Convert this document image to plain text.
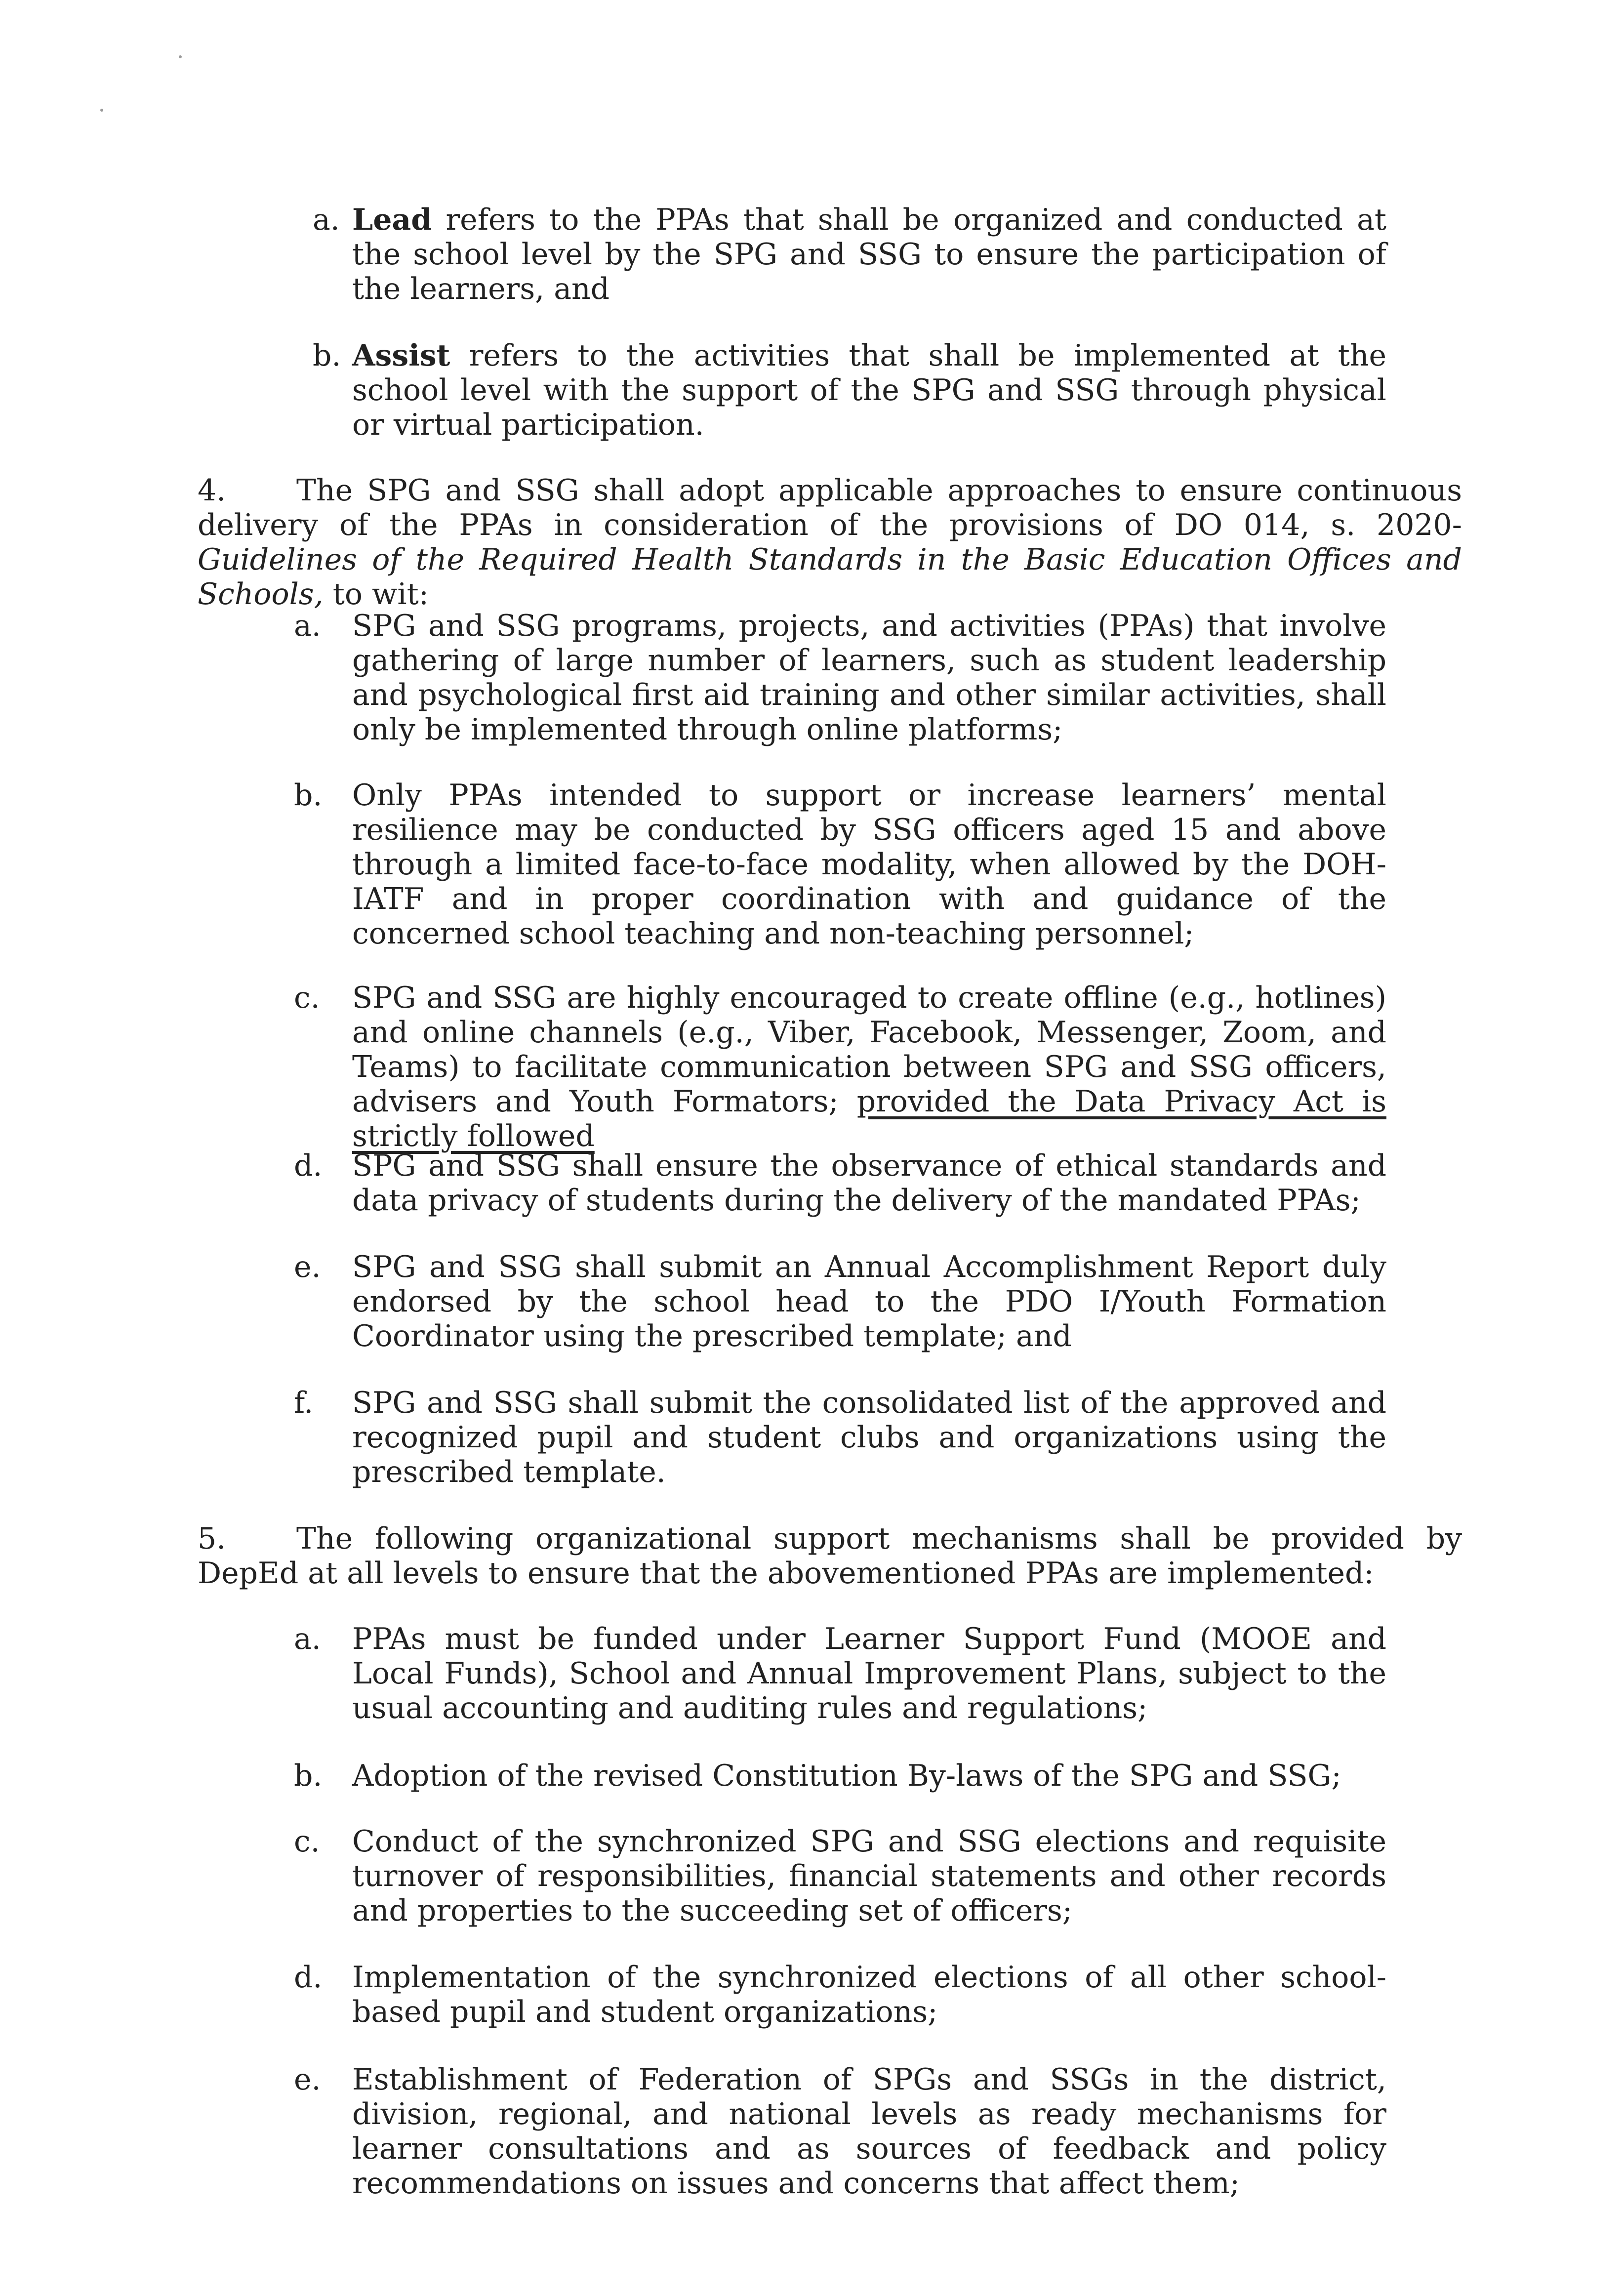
a. Lead refers to the PPAs that shall be organized and conducted at the school level by the SPG and SSG to ensure the participation of the learners, and
b. Assist refers to the activities that shall be implemented at the school level with the support of the SPG and SSG through physical or virtual participation.
4. The SPG and SSG shall adopt applicable approaches to ensure continuous delivery of the PPAs in consideration of the provisions of DO 014, s. 2020-Guidelines of the Required Health Standards in the Basic Education Offices and Schools, to wit:
a.	SPG and SSG programs, projects, and activities (PPAs) that involve gathering of large number of learners, such as student leadership and psychological first aid training and other similar activities, shall only be implemented through online platforms;
b.	Only PPAs intended to support or increase learners’ mental resilience may be conducted by SSG officers aged 15 and above through a limited face-to-face modality, when allowed by the DOH-IATF and in proper coordination with and guidance of the concerned school teaching and non-teaching personnel;
c.	SPG and SSG are highly encouraged to create offline (e.g., hotlines) and online channels (e.g., Viber, Facebook, Messenger, Zoom, and Teams) to facilitate communication between SPG and SSG officers, advisers and Youth Formators; provided the Data Privacy Act is strictly followed
d.	SPG and SSG shall ensure the observance of ethical standards and data privacy of students during the delivery of the mandated PPAs;
e.	SPG and SSG shall submit an Annual Accomplishment Report duly endorsed by the school head to the PDO I/Youth Formation Coordinator using the prescribed template; and
f.	SPG and SSG shall submit the consolidated list of the approved and recognized pupil and student clubs and organizations using the prescribed template.
5. The following organizational support mechanisms shall be provided by DepEd at all levels to ensure that the abovementioned PPAs are implemented:
a.	PPAs must be funded under Learner Support Fund (MOOE and Local Funds), School and Annual Improvement Plans, subject to the usual accounting and auditing rules and regulations;
b.	Adoption of the revised Constitution By-laws of the SPG and SSG;
c.	Conduct of the synchronized SPG and SSG elections and requisite turnover of responsibilities, financial statements and other records and properties to the succeeding set of officers;
d.	Implementation of the synchronized elections of all other school-based pupil and student organizations;
e.	Establishment of Federation of SPGs and SSGs in the district, division, regional, and national levels as ready mechanisms for learner consultations and as sources of feedback and policy recommendations on issues and concerns that affect them;
